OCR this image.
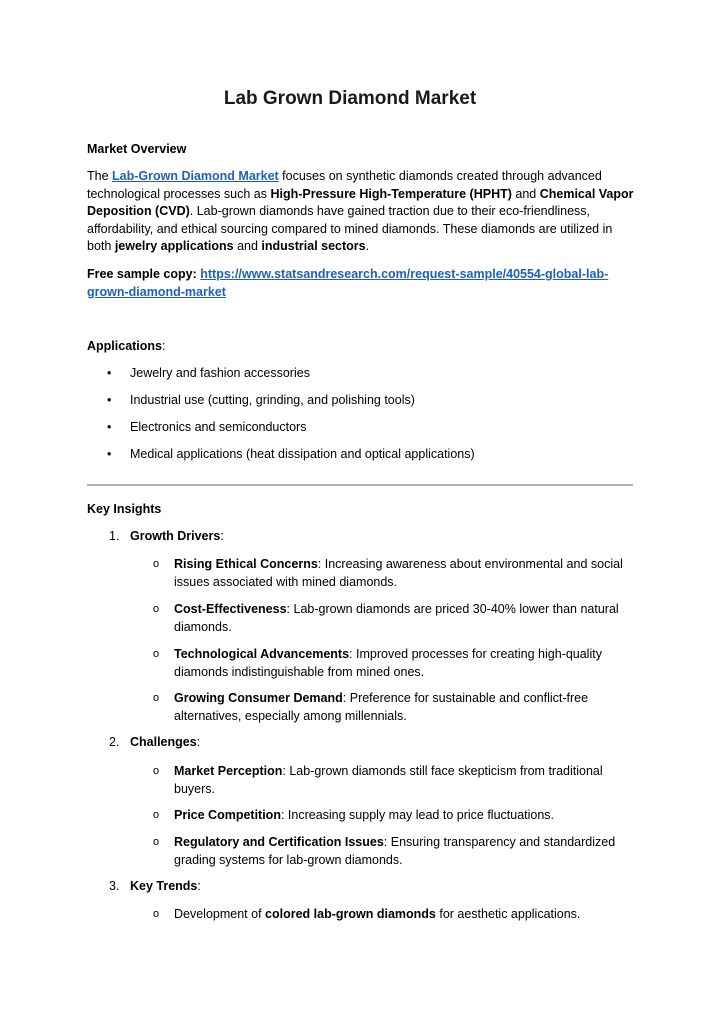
Lab Grown Diamond Market
Market Overview
The Lab-Grown Diamond Market focuses on synthetic diamonds created through advanced technological processes such as High-Pressure High-Temperature (HPHT) and Chemical Vapor Deposition (CVD). Lab-grown diamonds have gained traction due to their eco-friendliness, affordability, and ethical sourcing compared to mined diamonds. These diamonds are utilized in both jewelry applications and industrial sectors.
Free sample copy: https://www.statsandresearch.com/request-sample/40554-global-lab-grown-diamond-market
Applications:
• Jewelry and fashion accessories
• Industrial use (cutting, grinding, and polishing tools)
• Electronics and semiconductors
• Medical applications (heat dissipation and optical applications)
Key Insights
1. Growth Drivers:
o Rising Ethical Concerns: Increasing awareness about environmental and social issues associated with mined diamonds.
o Cost-Effectiveness: Lab-grown diamonds are priced 30-40% lower than natural diamonds.
o Technological Advancements: Improved processes for creating high-quality diamonds indistinguishable from mined ones.
o Growing Consumer Demand: Preference for sustainable and conflict-free alternatives, especially among millennials.
2. Challenges:
o Market Perception: Lab-grown diamonds still face skepticism from traditional buyers.
o Price Competition: Increasing supply may lead to price fluctuations.
o Regulatory and Certification Issues: Ensuring transparency and standardized grading systems for lab-grown diamonds.
3. Key Trends:
o Development of colored lab-grown diamonds for aesthetic applications.
